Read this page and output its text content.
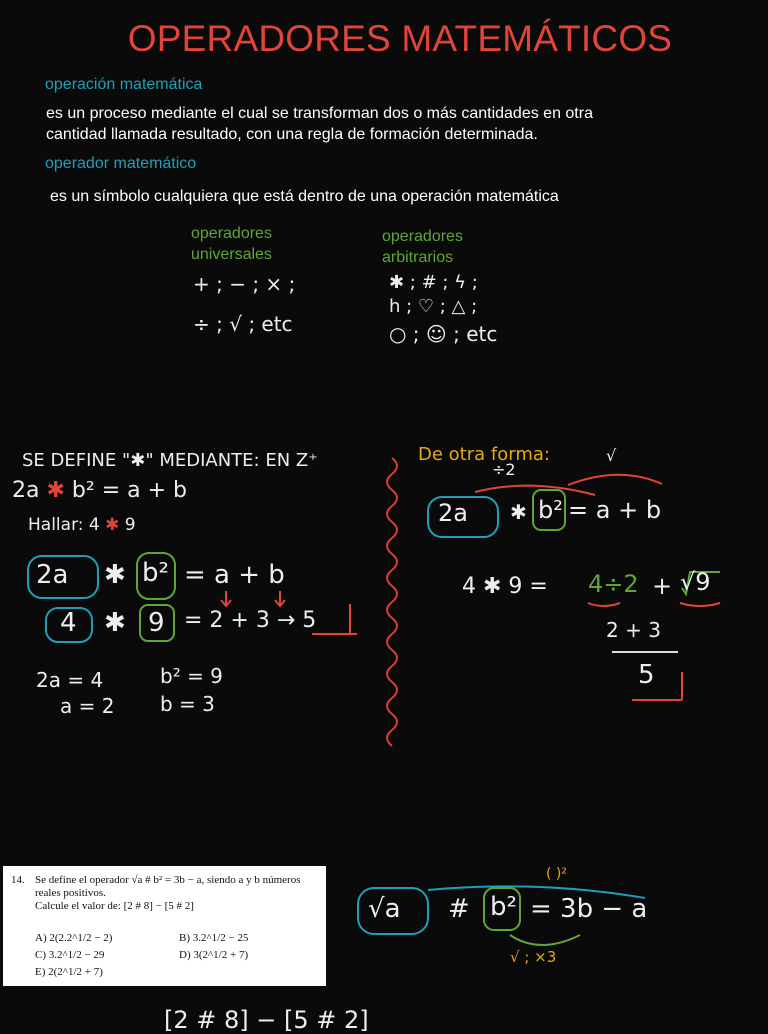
OPERADORES MATEMÁTICOS
operación matemática
es un proceso mediante el cual se transforman dos o más cantidades en otra
cantidad llamada resultado, con una regla de formación determinada.
operador matemático
es un símbolo cualquiera que está dentro de una operación matemática
operadores
universales
+ ; − ; × ;
÷ ; √ ; etc
operadores
arbitrarios
✱ ; # ; ϟ ;
h ; ♡ ; △ ;
○ ; ☺ ; etc
SE DEFINE "✱" MEDIANTE: EN Z⁺
2a ✱ b² = a + b
Hallar: 4 ✱ 9
2a ✱ b² = a + b
4 ✱ 9 = 2 + 3 → 5
2a = 4
a = 2
b² = 9
b = 3
De otra forma:	√
÷2
2a ✱ b² = a + b
4 ✱ 9 = 4÷2 + √9
2 + 3
5
14. Se define el operador √a # b² = 3b − a, siendo a y b números
reales positivos.
Calcule el valor de: [2 # 8] − [5 # 2]
A) 2(2.2^1/2 − 2)	B) 3.2^1/2 − 25
C) 3.2^1/2 − 29	D) 3(2^1/2 + 7)
E) 2(2^1/2 + 7)
( )²
√a # b² = 3b − a
√ ; ×3
[2 # 8] − [5 # 2]
